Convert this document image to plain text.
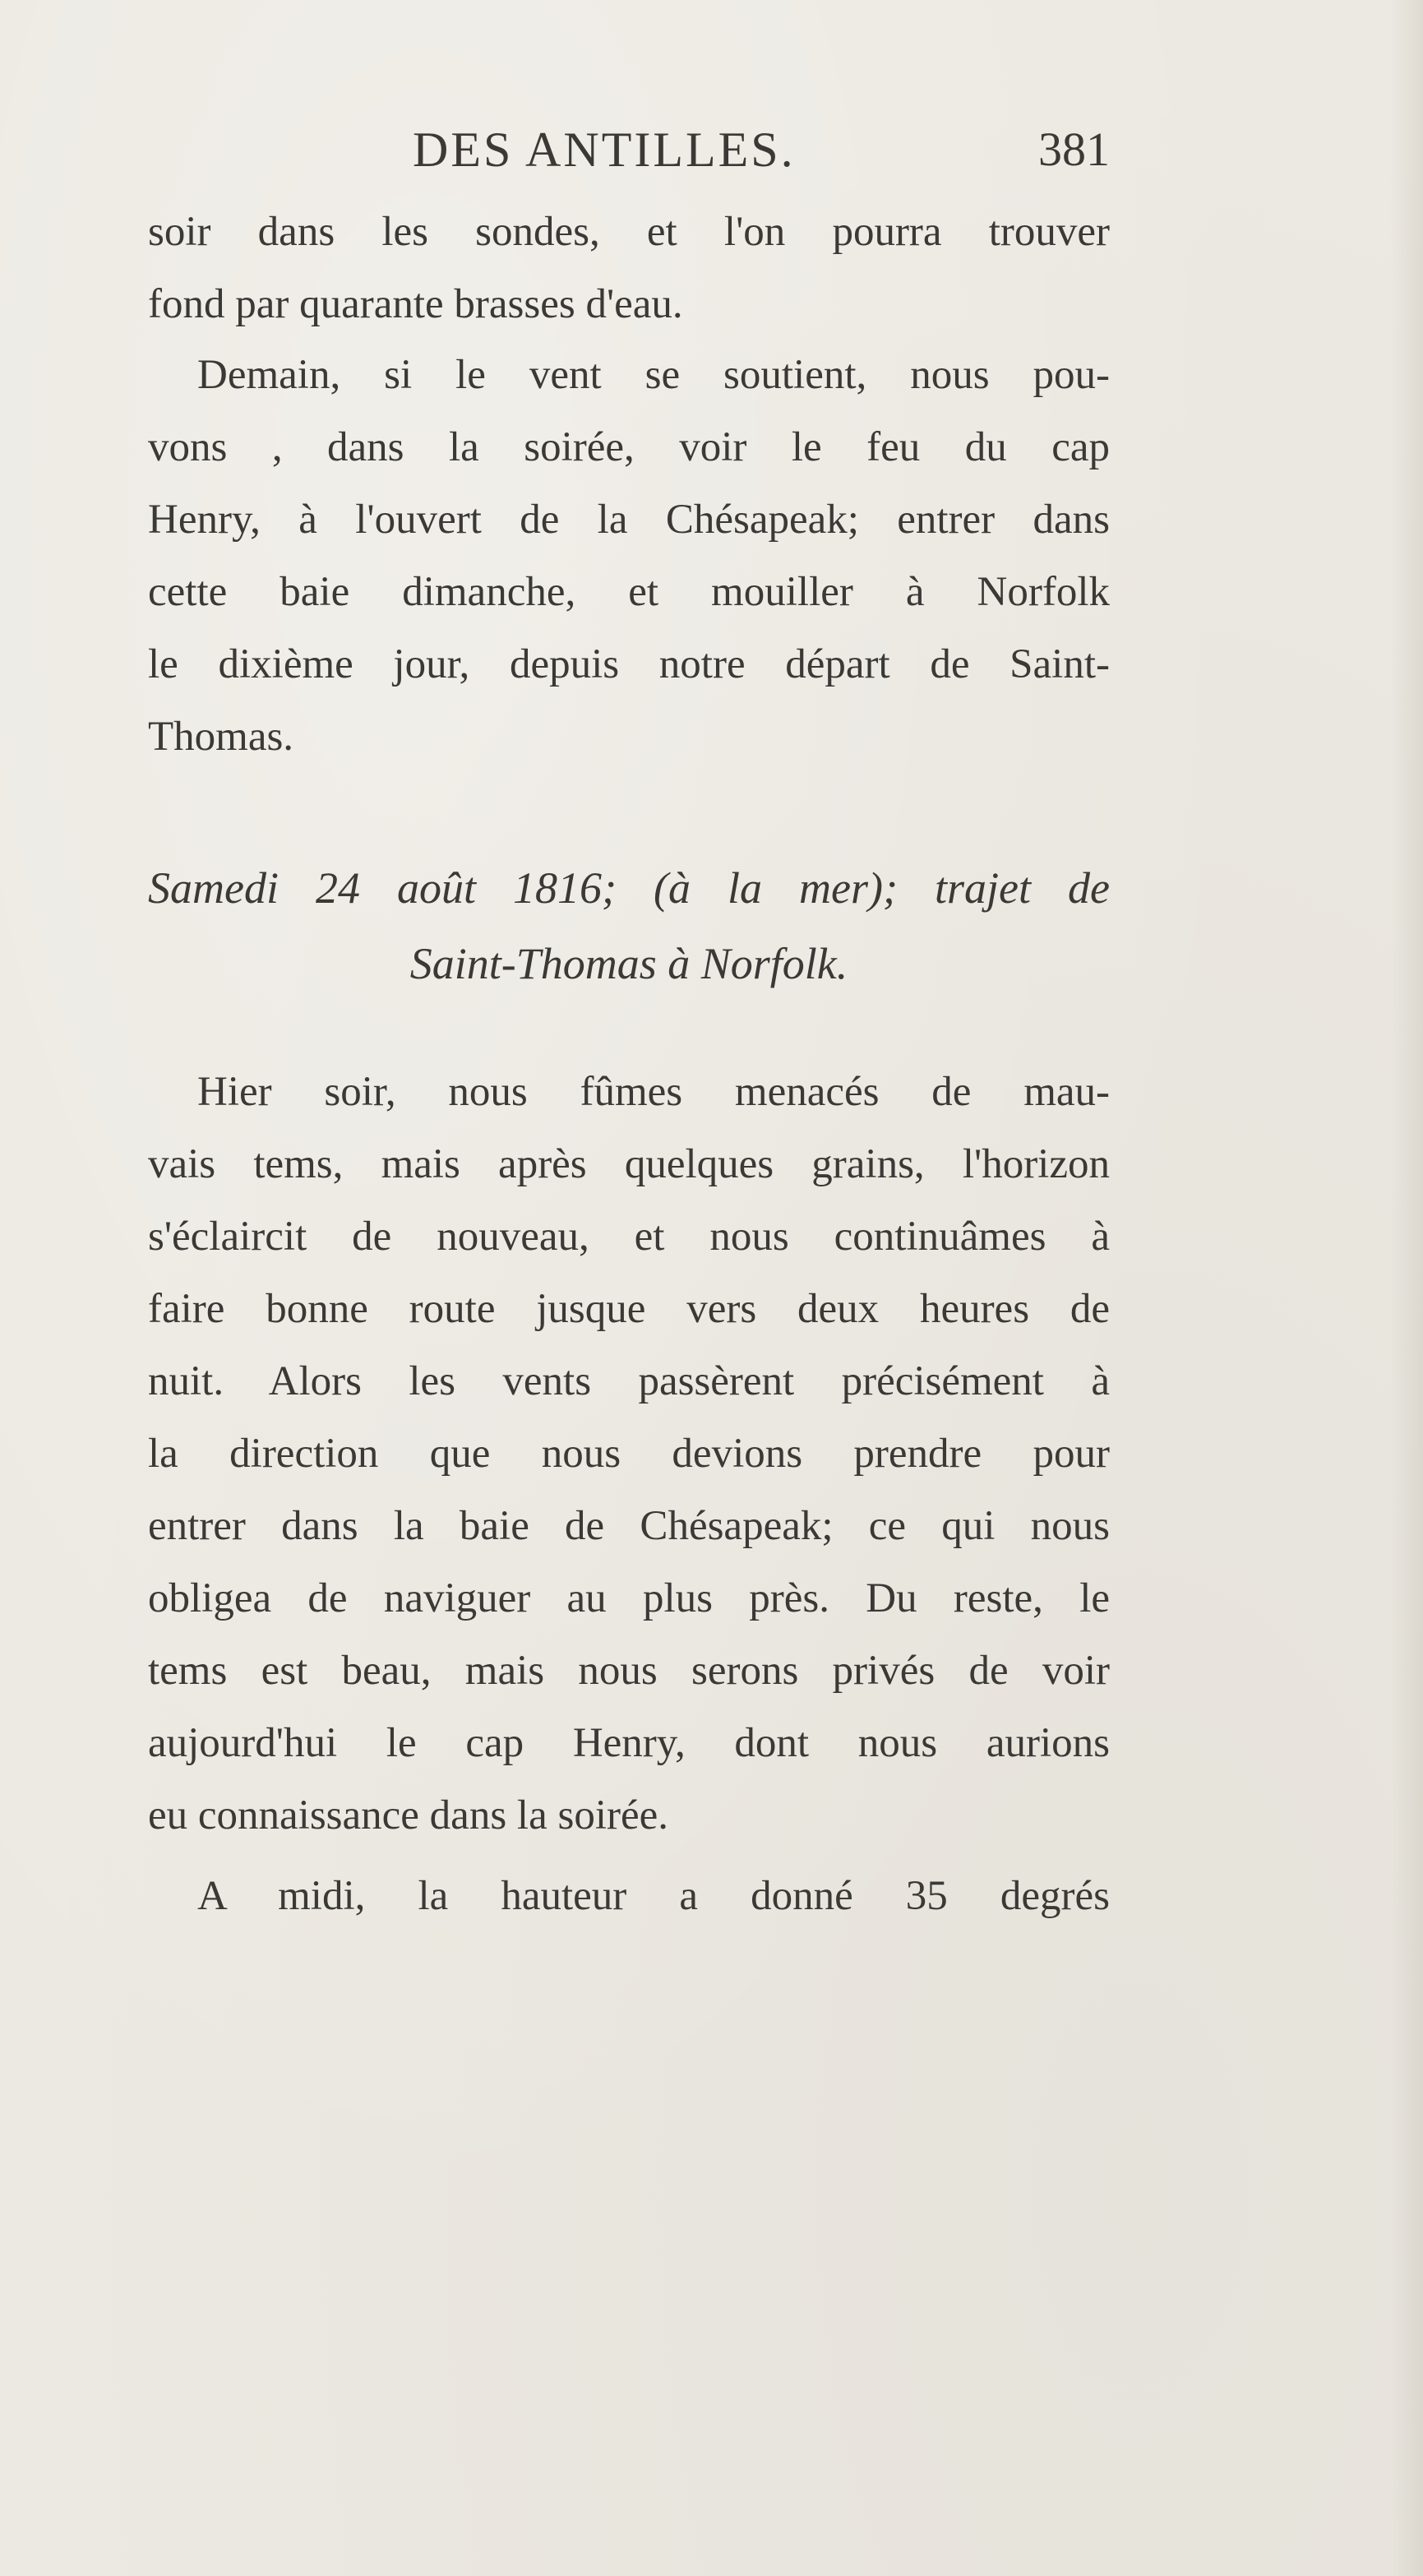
DES ANTILLES.	381
soir dans les sondes, et l'on pourra trouver
fond par quarante brasses d'eau.
Demain, si le vent se soutient, nous pou-
vons , dans la soirée, voir le feu du cap
Henry, à l'ouvert de la Chésapeak; entrer dans
cette baie dimanche, et mouiller à Norfolk
le dixième jour, depuis notre départ de Saint-
Thomas.
Samedi 24 août 1816; (à la mer); trajet de
Saint-Thomas à Norfolk.
Hier soir, nous fûmes menacés de mau-
vais tems, mais après quelques grains, l'horizon
s'éclaircit de nouveau, et nous continuâmes à
faire bonne route jusque vers deux heures de
nuit. Alors les vents passèrent précisément à
la direction que nous devions prendre pour
entrer dans la baie de Chésapeak; ce qui nous
obligea de naviguer au plus près. Du reste, le
tems est beau, mais nous serons privés de voir
aujourd'hui le cap Henry, dont nous aurions
eu connaissance dans la soirée.
A midi, la hauteur a donné 35 degrés
